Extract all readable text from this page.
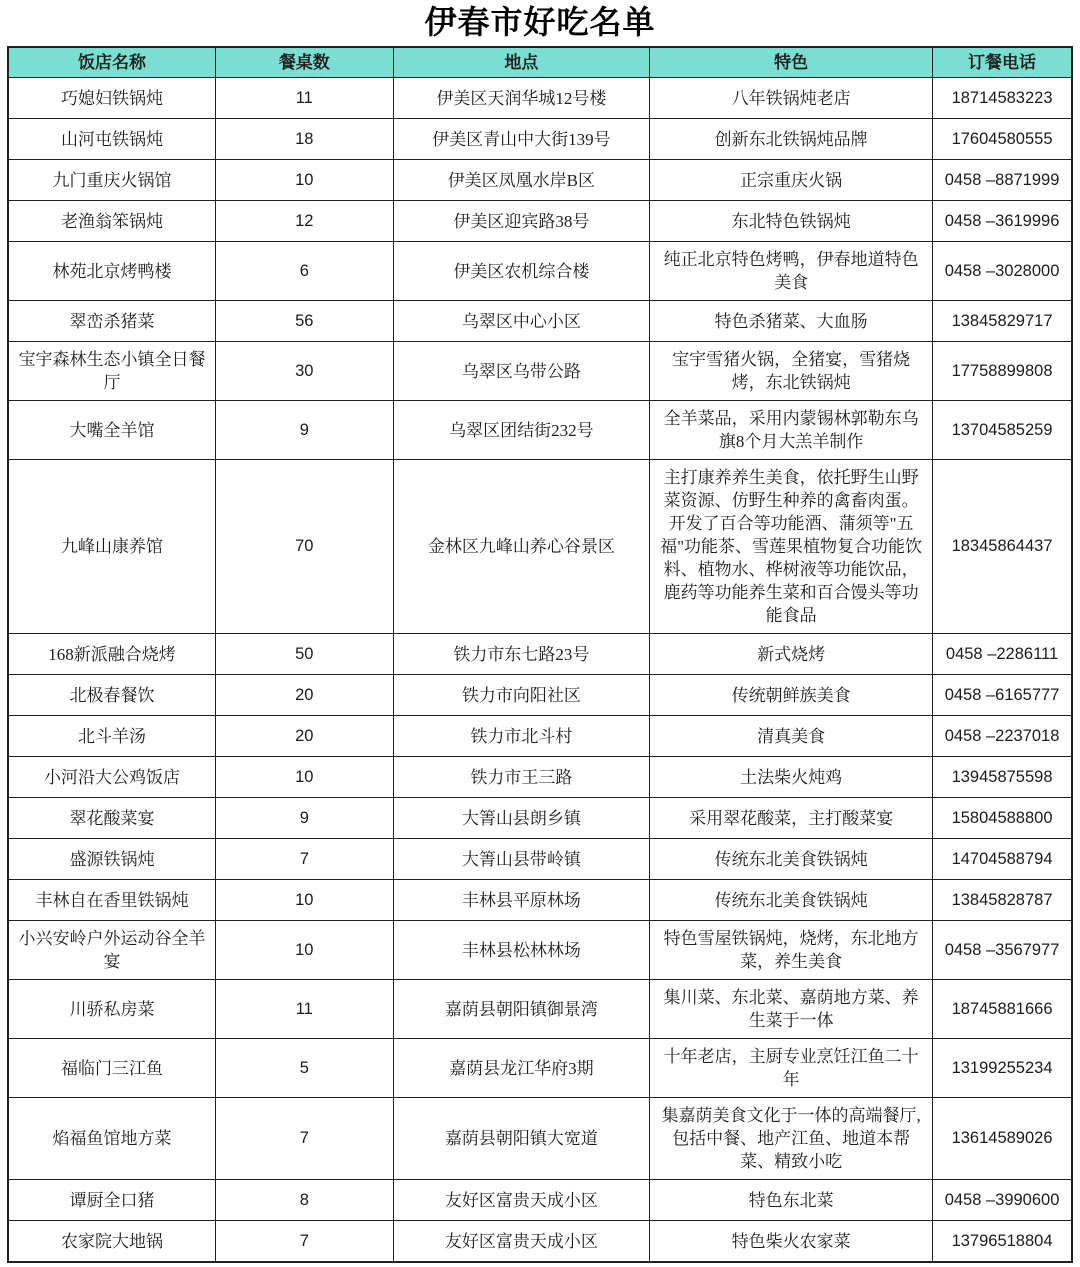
伊春市好吃名单
饭店名称	餐桌数	地点	特色	订餐电话
巧媳妇铁锅炖	11	伊美区天润华城12号楼	八年铁锅炖老店	18714583223
山河屯铁锅炖	18	伊美区青山中大街139号	创新东北铁锅炖品牌	17604580555
九门重庆火锅馆	10	伊美区凤凰水岸B区	正宗重庆火锅	0458 –8871999
老渔翁笨锅炖	12	伊美区迎宾路38号	东北特色铁锅炖	0458 –3619996
林苑北京烤鸭楼	6	伊美区农机综合楼	纯正北京特色烤鸭，伊春地道特色美食	0458 –3028000
翠峦杀猪菜	56	乌翠区中心小区	特色杀猪菜、大血肠	13845829717
宝宇森林生态小镇全日餐厅	30	乌翠区乌带公路	宝宇雪猪火锅，全猪宴，雪猪烧烤，东北铁锅炖	17758899808
大嘴全羊馆	9	乌翠区团结街232号	全羊菜品，采用内蒙锡林郭勒东乌旗8个月大羔羊制作	13704585259
九峰山康养馆	70	金林区九峰山养心谷景区	主打康养养生美食，依托野生山野菜资源、仿野生种养的禽畜肉蛋。开发了百合等功能酒、蒲须等"五福"功能茶、雪莲果植物复合功能饮料、植物水、桦树液等功能饮品，鹿药等功能养生菜和百合馒头等功能食品	18345864437
168新派融合烧烤	50	铁力市东七路23号	新式烧烤	0458 –2286111
北极春餐饮	20	铁力市向阳社区	传统朝鲜族美食	0458 –6165777
北斗羊汤	20	铁力市北斗村	清真美食	0458 –2237018
小河沿大公鸡饭店	10	铁力市王三路	土法柴火炖鸡	13945875598
翠花酸菜宴	9	大箐山县朗乡镇	采用翠花酸菜，主打酸菜宴	15804588800
盛源铁锅炖	7	大箐山县带岭镇	传统东北美食铁锅炖	14704588794
丰林自在香里铁锅炖	10	丰林县平原林场	传统东北美食铁锅炖	13845828787
小兴安岭户外运动谷全羊宴	10	丰林县松林林场	特色雪屋铁锅炖，烧烤，东北地方菜，养生美食	0458 –3567977
川骄私房菜	11	嘉荫县朝阳镇御景湾	集川菜、东北菜、嘉荫地方菜、养生菜于一体	18745881666
福临门三江鱼	5	嘉荫县龙江华府3期	十年老店，主厨专业烹饪江鱼二十年	13199255234
焰福鱼馆地方菜	7	嘉荫县朝阳镇大宽道	集嘉荫美食文化于一体的高端餐厅,包括中餐、地产江鱼、地道本帮菜、精致小吃	13614589026
谭厨全口猪	8	友好区富贵天成小区	特色东北菜	0458 –3990600
农家院大地锅	7	友好区富贵天成小区	特色柴火农家菜	13796518804
